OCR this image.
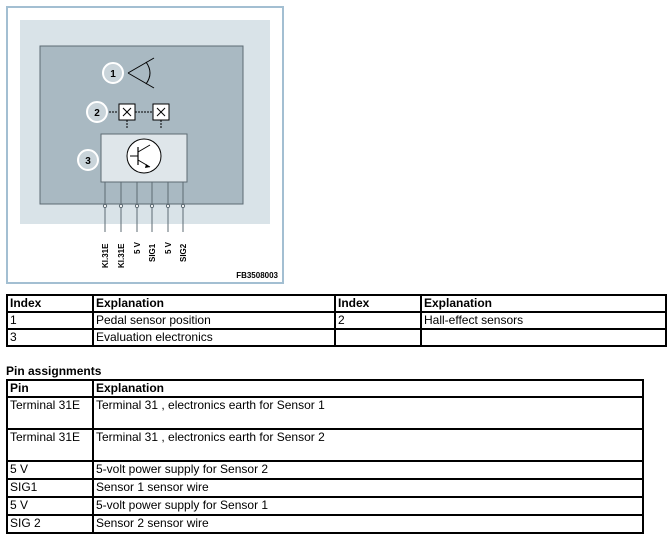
1
2
3
Kl.31E Kl.31E 5 V SIG1 5 V SIG2
FB3508003
Index	Explanation	Index	Explanation
1	Pedal sensor position	2	Hall-effect sensors
3	Evaluation electronics		
Pin assignments
Pin	Explanation
Terminal 31E	Terminal 31 , electronics earth for Sensor 1
Terminal 31E	Terminal 31 , electronics earth for Sensor 2
5 V	5-volt power supply for Sensor 2
SIG1	Sensor 1 sensor wire
5 V	5-volt power supply for Sensor 1
SIG 2	Sensor 2 sensor wire
